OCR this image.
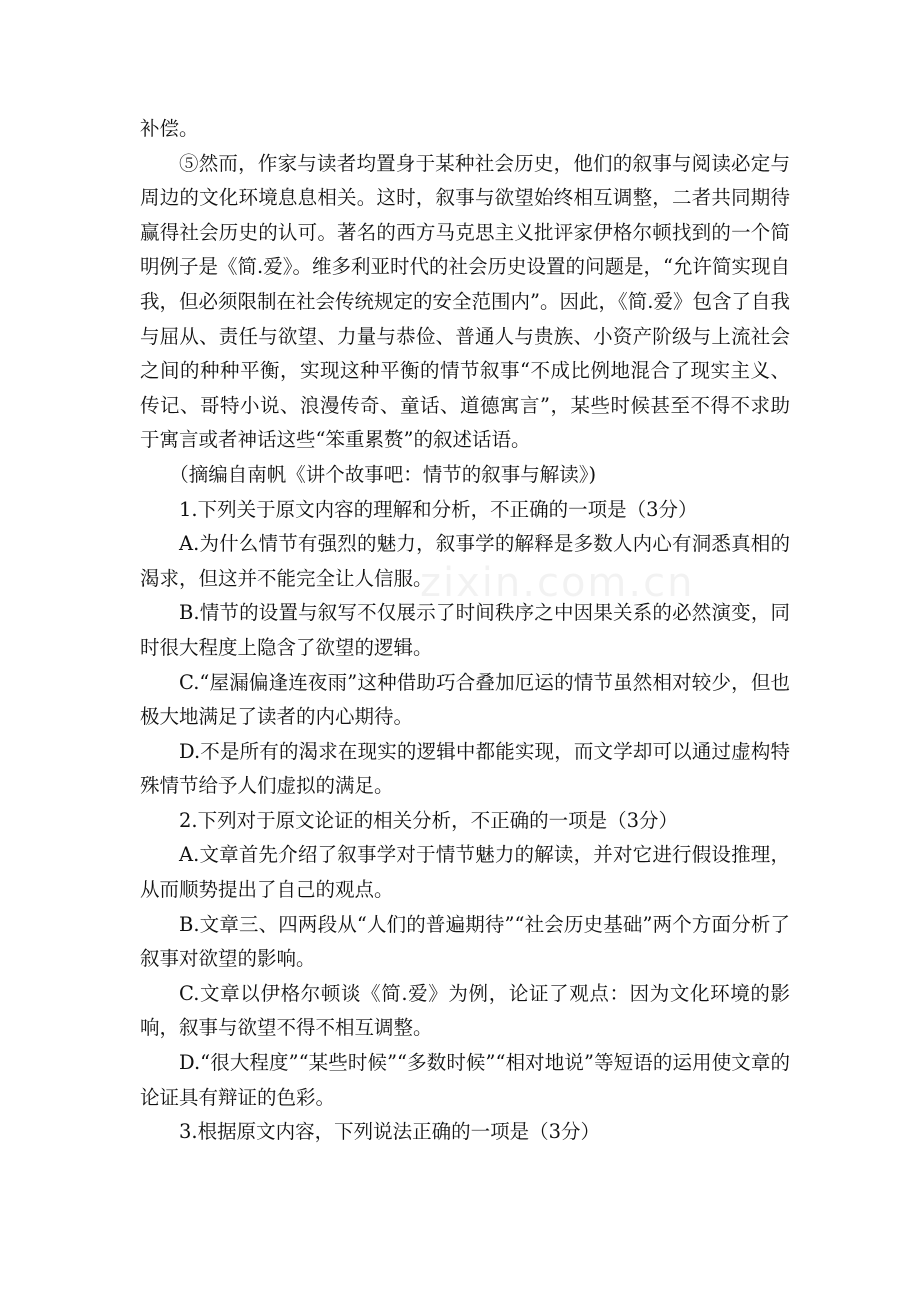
补偿。

⑤然而，作家与读者均置身于某种社会历史，他们的叙事与阅读必定与周边的文化环境息息相关。这时，叙事与欲望始终相互调整，二者共同期待赢得社会历史的认可。著名的西方马克思主义批评家伊格尔顿找到的一个简明例子是《简.爱》。维多利亚时代的社会历史设置的问题是，“允许简实现自我，但必须限制在社会传统规定的安全范围内”。因此，《简.爱》包含了自我与屈从、责任与欲望、力量与恭俭、普通人与贵族、小资产阶级与上流社会之间的种种平衡，实现这种平衡的情节叙事“不成比例地混合了现实主义、传记、哥特小说、浪漫传奇、童话、道德寓言”，某些时候甚至不得不求助于寓言或者神话这些“笨重累赘”的叙述话语。

（摘编自南帆《讲个故事吧：情节的叙事与解读》)

1.下列关于原文内容的理解和分析，不正确的一项是（3分）

A.为什么情节有强烈的魅力，叙事学的解释是多数人内心有洞悉真相的渴求，但这并不能完全让人信服。

B.情节的设置与叙写不仅展示了时间秩序之中因果关系的必然演变，同时很大程度上隐含了欲望的逻辑。

C.“屋漏偏逢连夜雨”这种借助巧合叠加厄运的情节虽然相对较少，但也极大地满足了读者的内心期待。

D.不是所有的渴求在现实的逻辑中都能实现，而文学却可以通过虚构特殊情节给予人们虚拟的满足。

2.下列对于原文论证的相关分析，不正确的一项是（3分）

A.文章首先介绍了叙事学对于情节魅力的解读，并对它进行假设推理，从而顺势提出了自己的观点。

B.文章三、四两段从“人们的普遍期待”“社会历史基础”两个方面分析了叙事对欲望的影响。

C.文章以伊格尔顿谈《简.爱》为例，论证了观点：因为文化环境的影响，叙事与欲望不得不相互调整。

D.“很大程度”“某些时候”“多数时候”“相对地说”等短语的运用使文章的论证具有辩证的色彩。

3.根据原文内容，下列说法正确的一项是（3分）

zixin.com.cn
